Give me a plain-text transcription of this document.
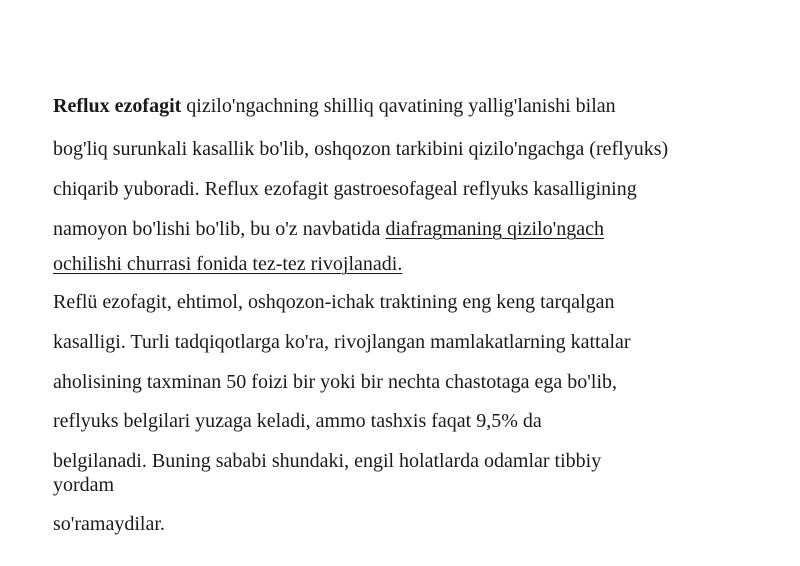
Reflux ezofagit qizilo'ngachning shilliq qavatining yallig'lanishi bilan
bog'liq surunkali kasallik bo'lib, oshqozon tarkibini qizilo'ngachga (reflyuks)
chiqarib yuboradi. Reflux ezofagit gastroesofageal reflyuks kasalligining
namoyon bo'lishi bo'lib, bu o'z navbatida diafragmaning qizilo'ngach
ochilishi churrasi fonida tez-tez rivojlanadi.
Reflü ezofagit, ehtimol, oshqozon-ichak traktining eng keng tarqalgan
kasalligi. Turli tadqiqotlarga ko'ra, rivojlangan mamlakatlarning kattalar
aholisining taxminan 50 foizi bir yoki bir nechta chastotaga ega bo'lib,
reflyuks belgilari yuzaga keladi, ammo tashxis faqat 9,5% da
belgilanadi. Buning sababi shundaki, engil holatlarda odamlar tibbiy
yordam
so'ramaydilar.
